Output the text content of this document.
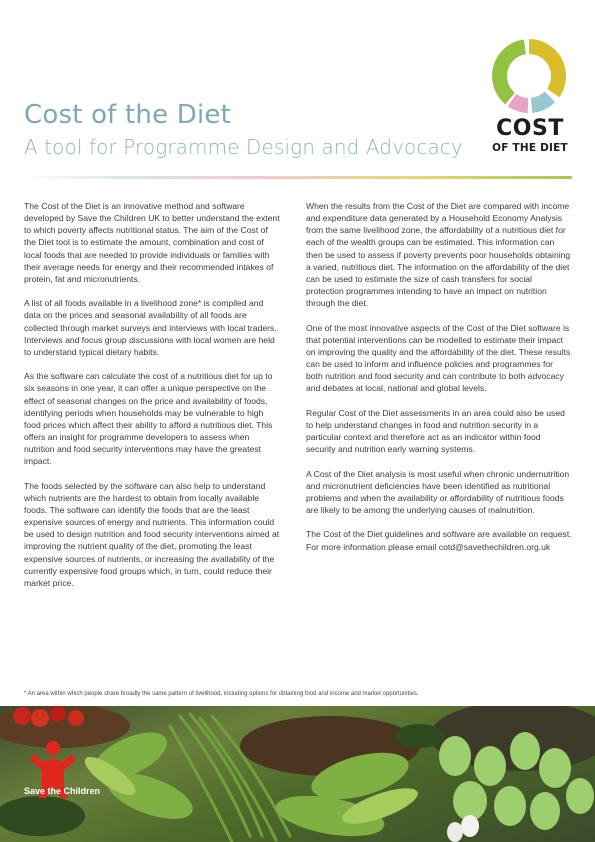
Cost of the Diet
A tool for Programme Design and Advocacy
COST
OF THE DIET

The Cost of the Diet is an innovative method and software developed by Save the Children UK to better understand the extent to which poverty affects nutritional status. The aim of the Cost of the Diet tool is to estimate the amount, combination and cost of local foods that are needed to provide individuals or families with their average needs for energy and their recommended intakes of protein, fat and micronutrients.

A list of all foods available in a livelihood zone* is compiled and data on the prices and seasonal availability of all foods are collected through market surveys and interviews with local traders. Interviews and focus group discussions with local women are held to understand typical dietary habits.

As the software can calculate the cost of a nutritious diet for up to six seasons in one year, it can offer a unique perspective on the effect of seasonal changes on the price and availability of foods, identifying periods when households may be vulnerable to high food prices which affect their ability to afford a nutritious diet. This offers an insight for programme developers to assess when nutrition and food security interventions may have the greatest impact.

The foods selected by the software can also help to understand which nutrients are the hardest to obtain from locally available foods. The software can identify the foods that are the least expensive sources of energy and nutrients. This information could be used to design nutrition and food security interventions aimed at improving the nutrient quality of the diet, promoting the least expensive sources of nutrients, or increasing the availability of the currently expensive food groups which, in turn, could reduce their market price.

When the results from the Cost of the Diet are compared with income and expenditure data generated by a Household Economy Analysis from the same livelihood zone, the affordability of a nutritious diet for each of the wealth groups can be estimated. This information can then be used to assess if poverty prevents poor households obtaining a varied, nutritious diet. The information on the affordability of the diet can be used to estimate the size of cash transfers for social protection programmes intending to have an impact on nutrition through the diet.

One of the most innovative aspects of the Cost of the Diet software is that potential interventions can be modelled to estimate their impact on improving the quality and the affordability of the diet. These results can be used to inform and influence policies and programmes for both nutrition and food security and can contribute to both advocacy and debates at local, national and global levels.

Regular Cost of the Diet assessments in an area could also be used to help understand changes in food and nutrition security in a particular context and therefore act as an indicator within food security and nutrition early warning systems.

A Cost of the Diet analysis is most useful when chronic undernutrition and micronutrient deficiencies have been identified as nutritional problems and when the availability or affordability of nutritious foods are likely to be among the underlying causes of malnutrition.

The Cost of the Diet guidelines and software are available on request. For more information please email cotd@savethechildren.org.uk

* An area within which people share broadly the same pattern of livelihood, including options for obtaining food and income and market opportunities.
Save the Children
